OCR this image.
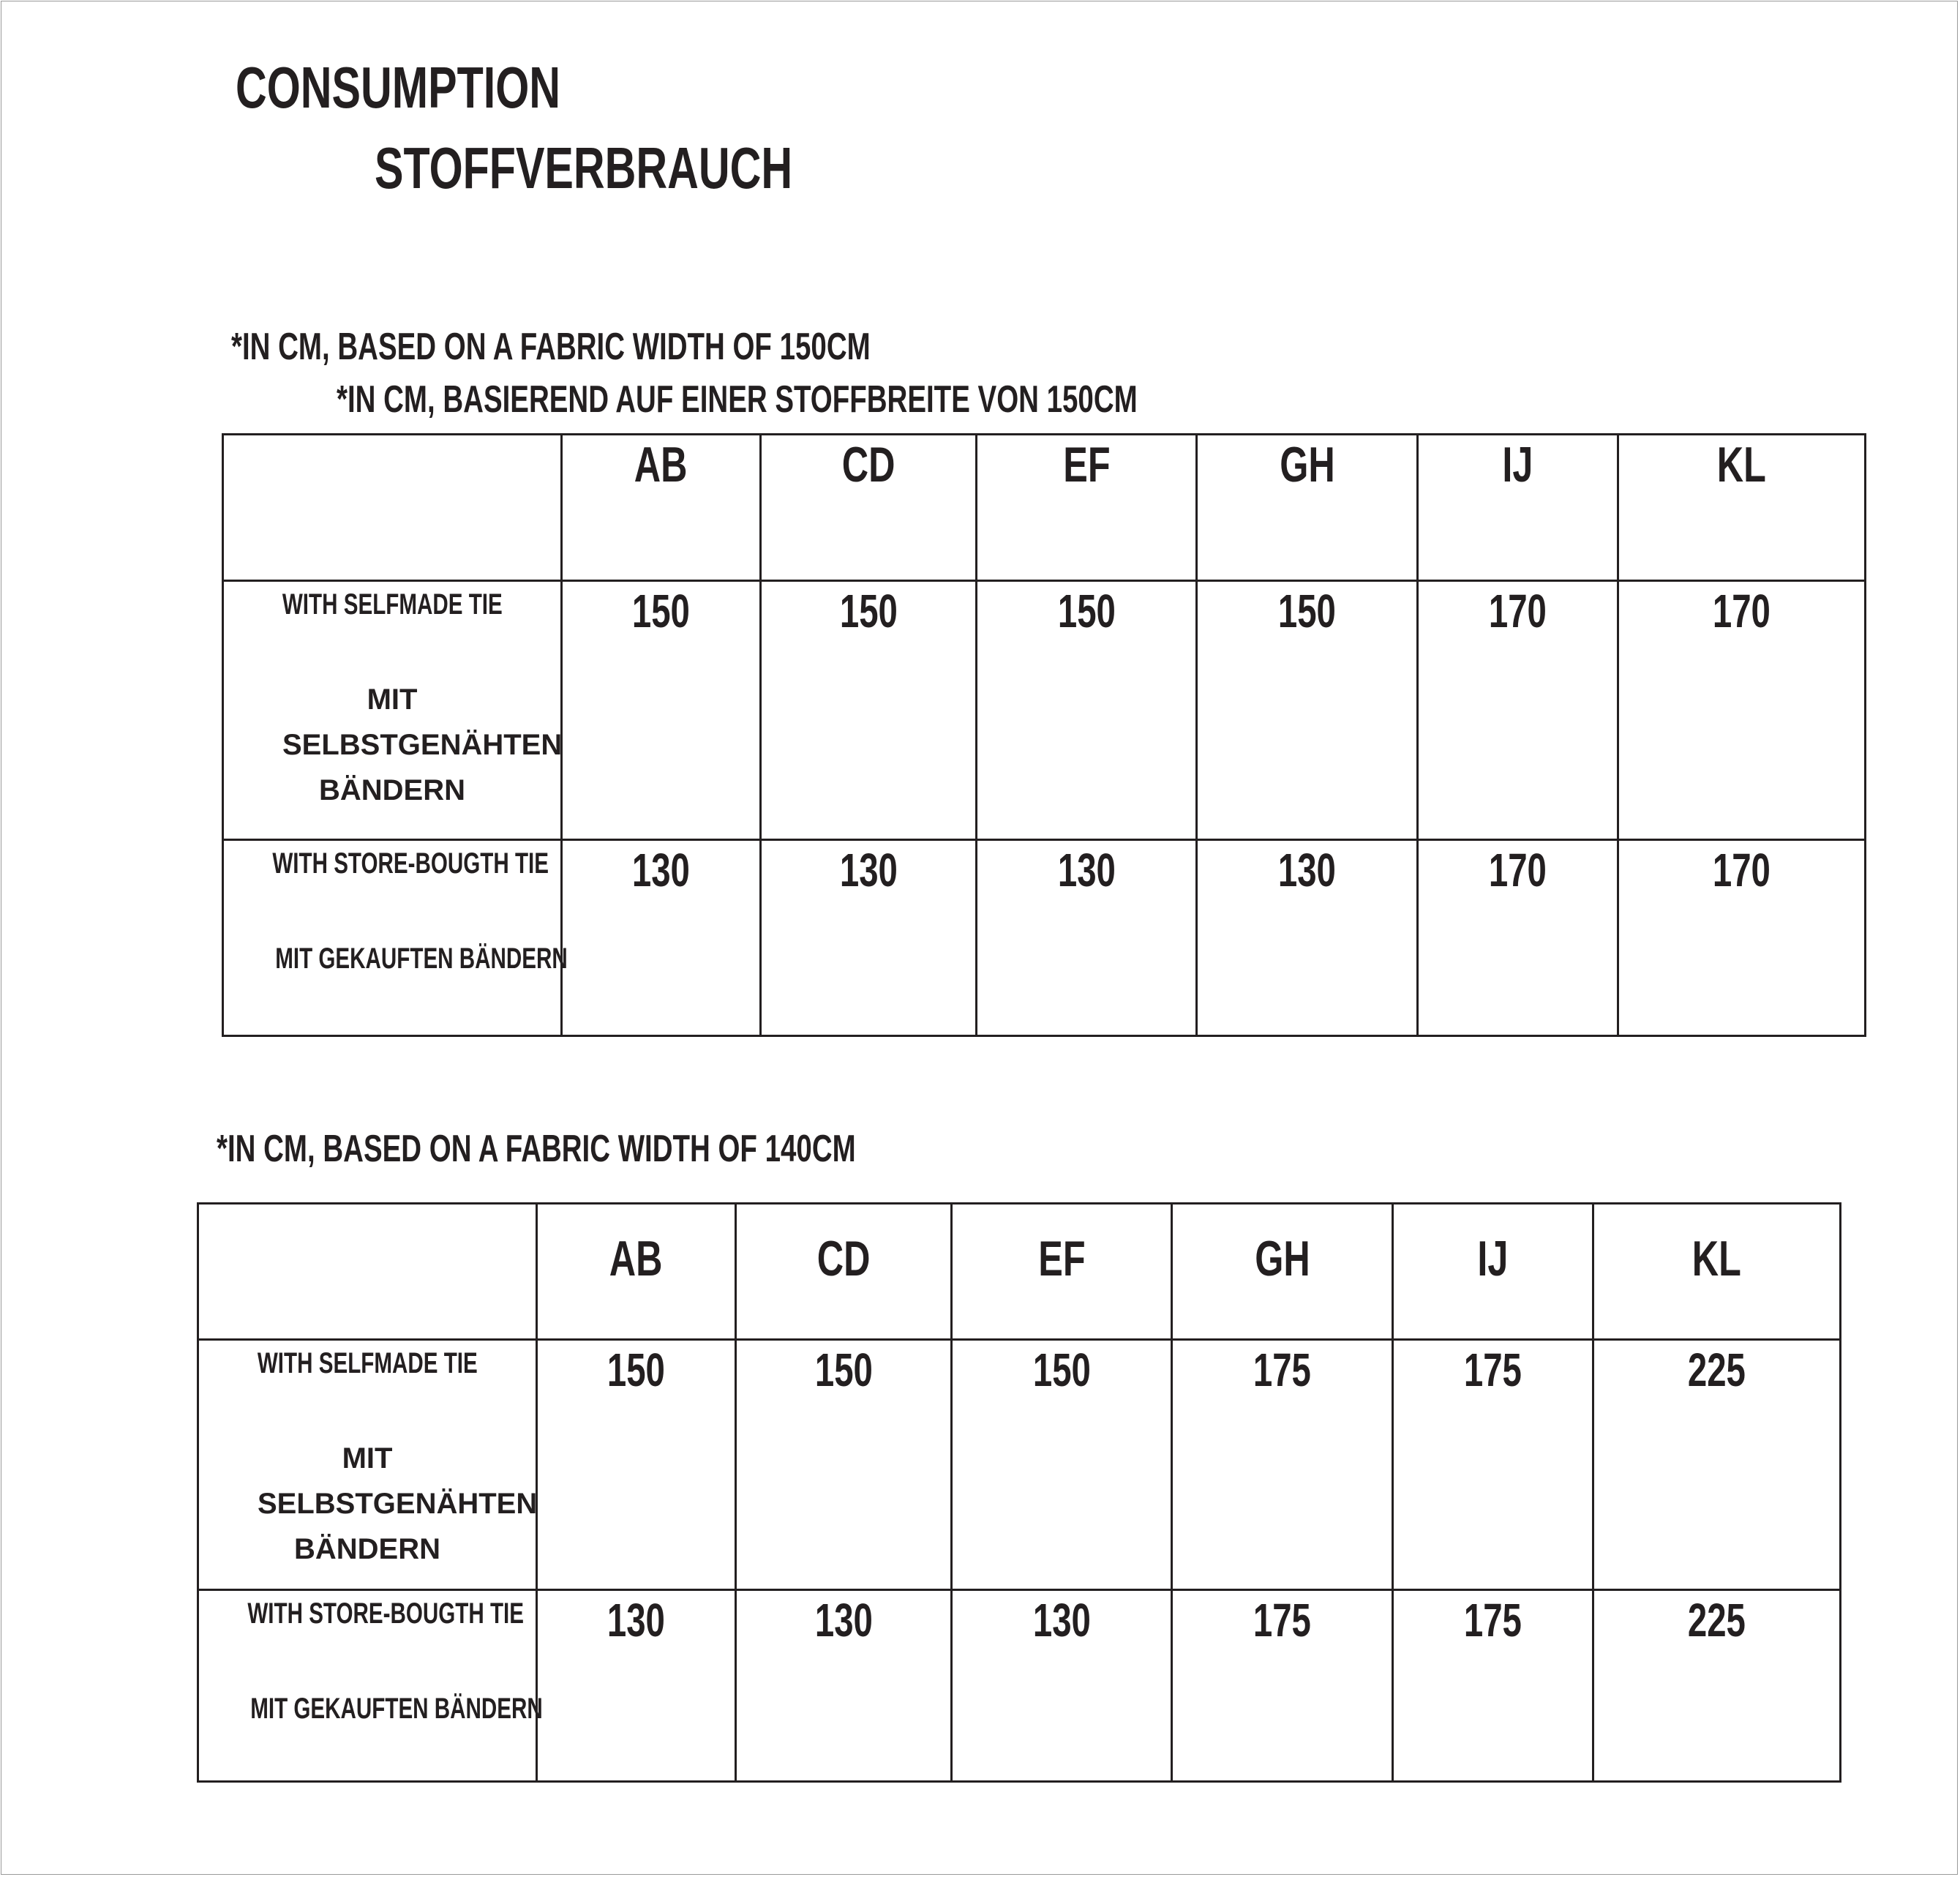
CONSUMPTION
STOFFVERBRAUCH
*IN CM, BASED ON A FABRIC WIDTH OF 150CM
*IN CM, BASIEREND AUF EINER STOFFBREITE VON 150CM
	AB	CD	EF	GH	IJ	KL

WITH SELFMADE TIE
MIT SELBSTGENÄHTEN BÄNDERN	150	150	150	150	170	170

WITH STORE-BOUGTH TIE
MIT GEKAUFTEN BÄNDERN	130	130	130	130	170	170
*IN CM, BASED ON A FABRIC WIDTH OF 140CM
	AB	CD	EF	GH	IJ	KL

WITH SELFMADE TIE
MIT SELBSTGENÄHTEN BÄNDERN	150	150	150	175	175	225

WITH STORE-BOUGTH TIE
MIT GEKAUFTEN BÄNDERN	130	130	130	175	175	225
